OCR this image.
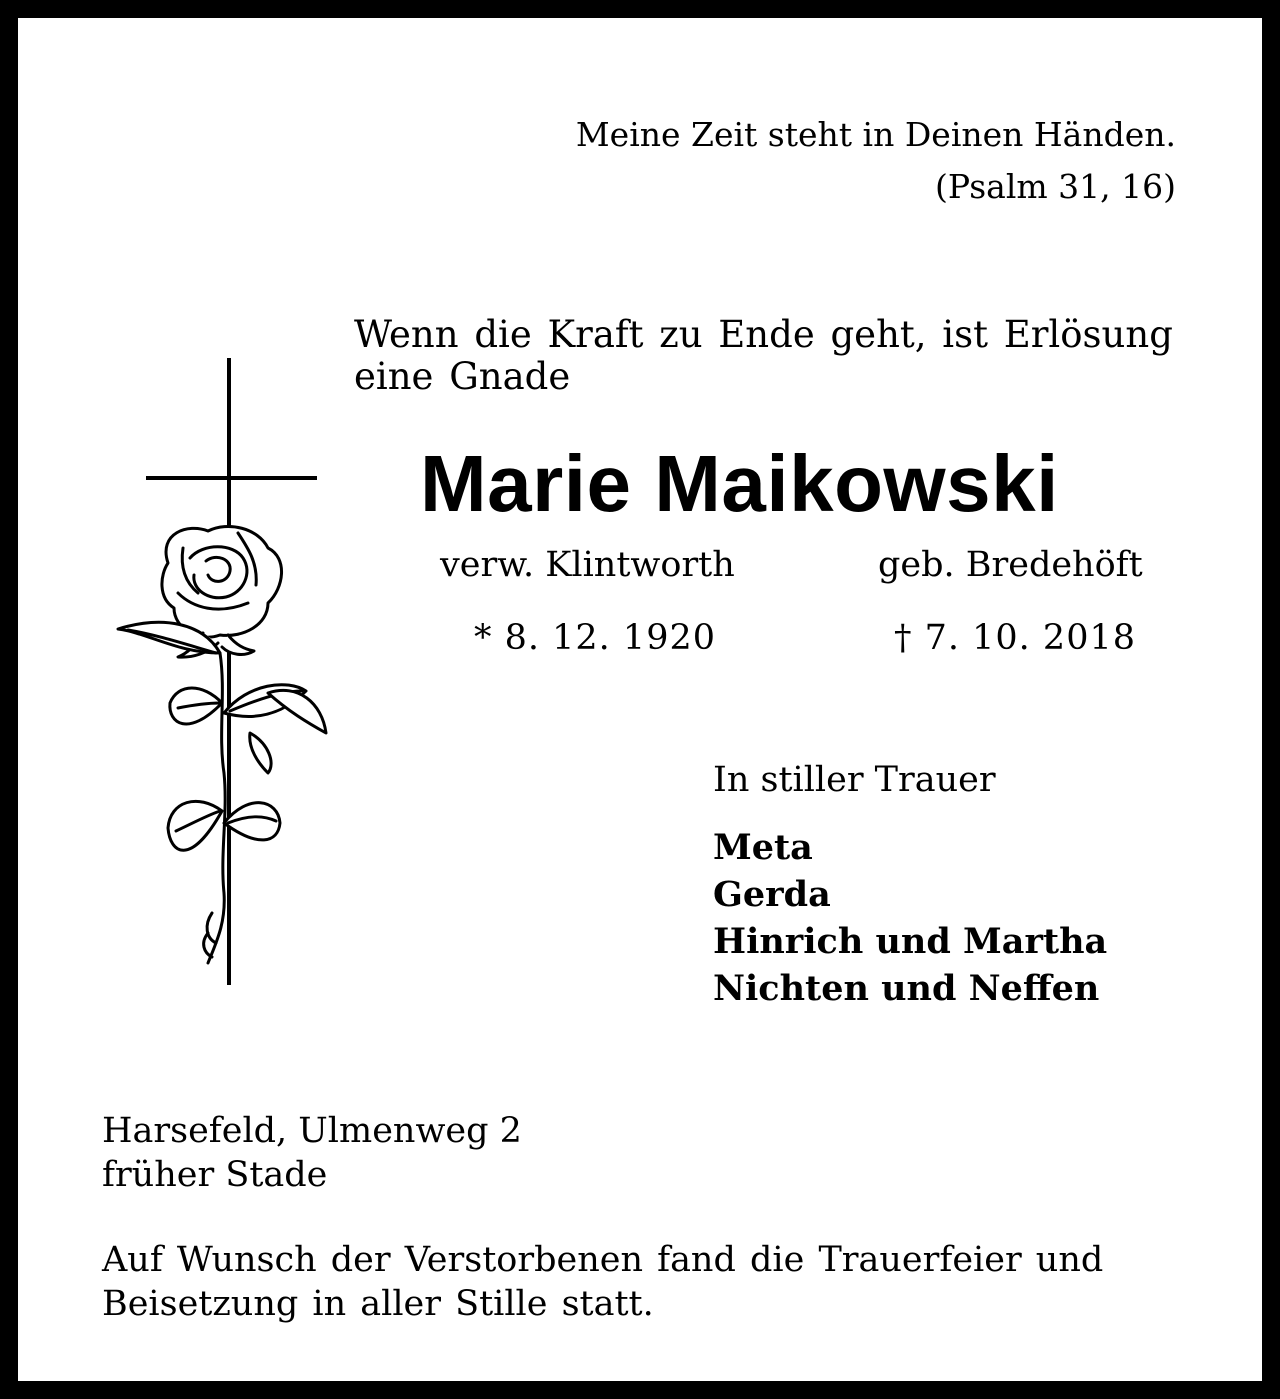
Meine Zeit steht in Deinen Händen.
(Psalm 31, 16)
Wenn die Kraft zu Ende geht, ist Erlösung eine Gnade
Marie Maikowski
verw. Klintworth	geb. Bredehöft
* 8. 12. 1920	† 7. 10. 2018
In stiller Trauer
Meta
Gerda
Hinrich und Martha
Nichten und Neffen
Harsefeld, Ulmenweg 2
früher Stade
Auf Wunsch der Verstorbenen fand die Trauerfeier und Beisetzung in aller Stille statt.
